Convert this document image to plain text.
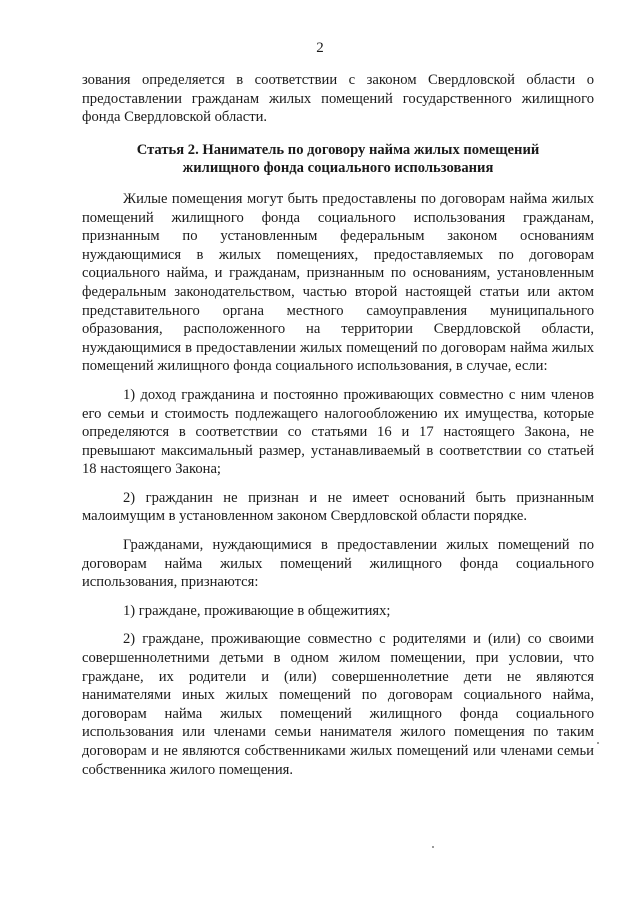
2

зования определяется в соответствии с законом Свердловской области о предоставлении гражданам жилых помещений государственного жилищного фонда Свердловской области.

Статья 2. Наниматель по договору найма жилых помещений
жилищного фонда социального использования

Жилые помещения могут быть предоставлены по договорам найма жилых помещений жилищного фонда социального использования гражданам, признанным по установленным федеральным законом основаниям нуждающимися в жилых помещениях, предоставляемых по договорам социального найма, и гражданам, признанным по основаниям, установленным федеральным законодательством, частью второй настоящей статьи или актом представительного органа местного самоуправления муниципального образования, расположенного на территории Свердловской области, нуждающимися в предоставлении жилых помещений по договорам найма жилых помещений жилищного фонда социального использования, в случае, если:

1) доход гражданина и постоянно проживающих совместно с ним членов его семьи и стоимость подлежащего налогообложению их имущества, которые определяются в соответствии со статьями 16 и 17 настоящего Закона, не превышают максимальный размер, устанавливаемый в соответствии со статьей 18 настоящего Закона;

2) гражданин не признан и не имеет оснований быть признанным малоимущим в установленном законом Свердловской области порядке.

Гражданами, нуждающимися в предоставлении жилых помещений по договорам найма жилых помещений жилищного фонда социального использования, признаются:

1) граждане, проживающие в общежитиях;

2) граждане, проживающие совместно с родителями и (или) со своими совершеннолетними детьми в одном жилом помещении, при условии, что граждане, их родители и (или) совершеннолетние дети не являются нанимателями иных жилых помещений по договорам социального найма, договорам найма жилых помещений жилищного фонда социального использования или членами семьи нанимателя жилого помещения по таким договорам и не являются собственниками жилых помещений или членами семьи собственника жилого помещения.
